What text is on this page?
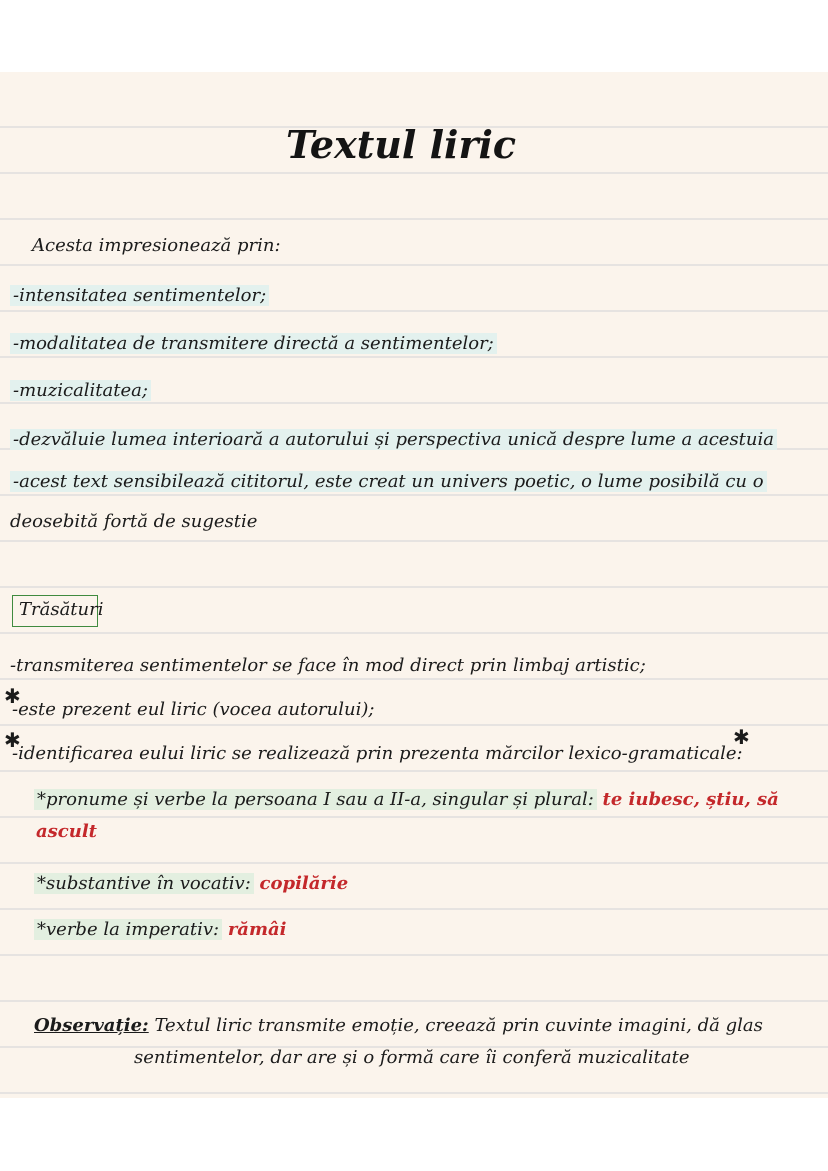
Textul liric
Acesta impresionează prin:
-intensitatea sentimentelor;
-modalitatea de transmitere directă a sentimentelor;
-muzicalitatea;
-dezvăluie lumea interioară a autorului și perspectiva unică despre lume a acestuia
-acest text sensibilează cititorul, este creat un univers poetic, o lume posibilă cu o
deosebită fortă de sugestie
Trăsături
-transmiterea sentimentelor se face în mod direct prin limbaj artistic;
✱
-este prezent eul liric (vocea autorului);
✱
-identificarea eului liric se realizează prin prezenta mărcilor lexico-gramaticale:
✱
*pronume și verbe la persoana I sau a II-a, singular și plural: te iubesc, știu, să
ascult
*substantive în vocativ: copilărie
*verbe la imperativ: rămâi
Observație: Textul liric transmite emoție, creează prin cuvinte imagini, dă glas
sentimentelor, dar are și o formă care îi conferă muzicalitate
